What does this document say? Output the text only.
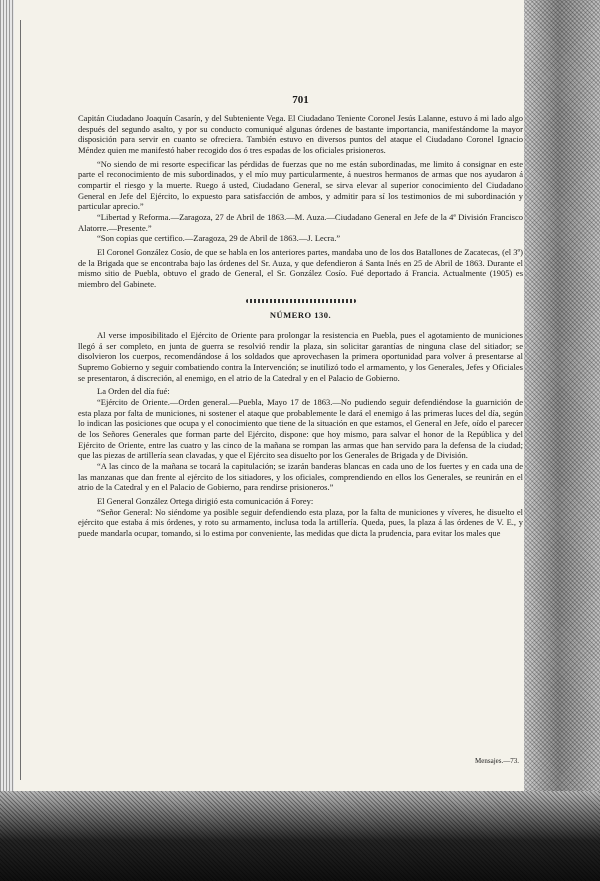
701

Capitán Ciudadano Joaquín Casarín, y del Subteniente Vega. El Ciudadano Teniente Coronel Jesús Lalanne, estuvo á mi lado algo después del segundo asalto, y por su conducto comuniqué algunas órdenes de bastante importancia, manifestándome la mayor disposición para servir en cuanto se ofreciera. También estuvo en diversos puntos del ataque el Ciudadano Coronel Ignacio Méndez quien me manifestó haber recogido dos ó tres espadas de los oficiales prisioneros.

“No siendo de mi resorte especificar las pérdidas de fuerzas que no me están subordinadas, me limito á consignar en este parte el reconocimiento de mis subordinados, y el mío muy particularmente, á nuestros hermanos de armas que nos ayudaron á compartir el riesgo y la muerte. Ruego á usted, Ciudadano General, se sirva elevar al superior conocimiento del Ciudadano General en Jefe del Ejército, lo expuesto para satisfacción de ambos, y admitir para sí los testimonios de mi subordinación y particular aprecio.”

“Libertad y Reforma.—Zaragoza, 27 de Abril de 1863.—M. Auza.—Ciudadano General en Jefe de la 4ª División Francisco Alatorre.—Presente.”

“Son copias que certifico.—Zaragoza, 29 de Abril de 1863.—J. Lecra.”

El Coronel González Cosío, de que se habla en los anteriores partes, mandaba uno de los dos Batallones de Zacatecas, (el 3º) de la Brigada que se encontraba bajo las órdenes del Sr. Auza, y que defendieron á Santa Inés en 25 de Abril de 1863. Durante el mismo sitio de Puebla, obtuvo el grado de General, el Sr. González Cosío. Fué deportado á Francia. Actualmente (1905) es miembro del Gabinete.

NÚMERO 130.

Al verse imposibilitado el Ejército de Oriente para prolongar la resistencia en Puebla, pues el agotamiento de municiones llegó á ser completo, en junta de guerra se resolvió rendir la plaza, sin solicitar garantías de ninguna clase del sitiador; se disolvieron los cuerpos, recomendándose á los soldados que aprovechasen la primera oportunidad para volver á presentarse al Supremo Gobierno y seguir combatiendo contra la Intervención; se inutilizó todo el armamento, y los Generales, Jefes y Oficiales se presentaron, á discreción, al enemigo, en el atrio de la Catedral y en el Palacio de Gobierno.

La Orden del día fué:

“Ejército de Oriente.—Orden general.—Puebla, Mayo 17 de 1863.—No pudiendo seguir defendiéndose la guarnición de esta plaza por falta de municiones, ni sostener el ataque que probablemente le dará el enemigo á las primeras luces del día, según lo indican las posiciones que ocupa y el conocimiento que tiene de la situación en que estamos, el General en Jefe, oído el parecer de los Señores Generales que forman parte del Ejército, dispone: que hoy mismo, para salvar el honor de la República y del Ejército de Oriente, entre las cuatro y las cinco de la mañana se rompan las armas que han servido para la defensa de la ciudad; que las piezas de artillería sean clavadas, y que el Ejército sea disuelto por los Generales de Brigada y de División.

“A las cinco de la mañana se tocará la capitulación; se izarán banderas blancas en cada uno de los fuertes y en cada una de las manzanas que dan frente al ejército de los sitiadores, y los oficiales, comprendiendo en ellos los Generales, se reunirán en el atrio de la Catedral y en el Palacio de Gobierno, para rendirse prisioneros.”

El General González Ortega dirigió esta comunicación á Forey:

“Señor General: No siéndome ya posible seguir defendiendo esta plaza, por la falta de municiones y víveres, he disuelto el ejército que estaba á mis órdenes, y roto su armamento, inclusa toda la artillería. Queda, pues, la plaza á las órdenes de V. E., y puede mandarla ocupar, tomando, si lo estima por conveniente, las medidas que dicta la prudencia, para evitar los males que

Mensajes.—73.
